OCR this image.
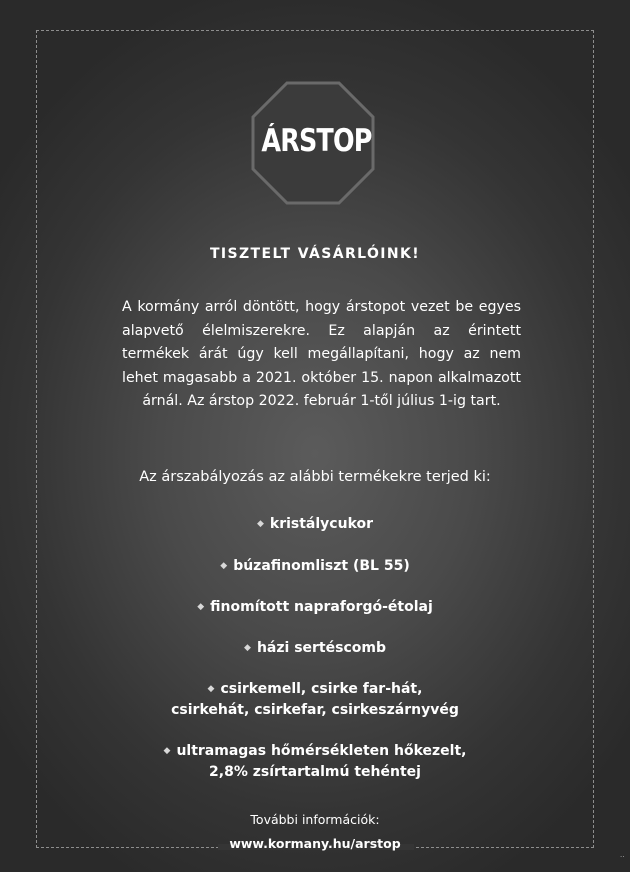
ÁRSTOP
TISZTELT VÁSÁRLÓINK!
A kormány arról döntött, hogy árstopot vezet be egyes alapvető élelmiszerekre. Ez alapján az érintett termékek árát úgy kell megállapítani, hogy az nem lehet magasabb a 2021. október 15. napon alkalmazott árnál. Az árstop 2022. február 1-től július 1-ig tart.
Az árszabályozás az alábbi termékekre terjed ki:
◆ kristálycukor
◆ búzafinomliszt (BL 55)
◆ finomított napraforgó-étolaj
◆ házi sertéscomb
◆ csirkemell, csirke far-hát,
csirkehát, csirkefar, csirkeszárnyvég
◆ ultramagas hőmérsékleten hőkezelt,
2,8% zsírtartalmú tehéntej
További információk:
www.kormany.hu/arstop
..
